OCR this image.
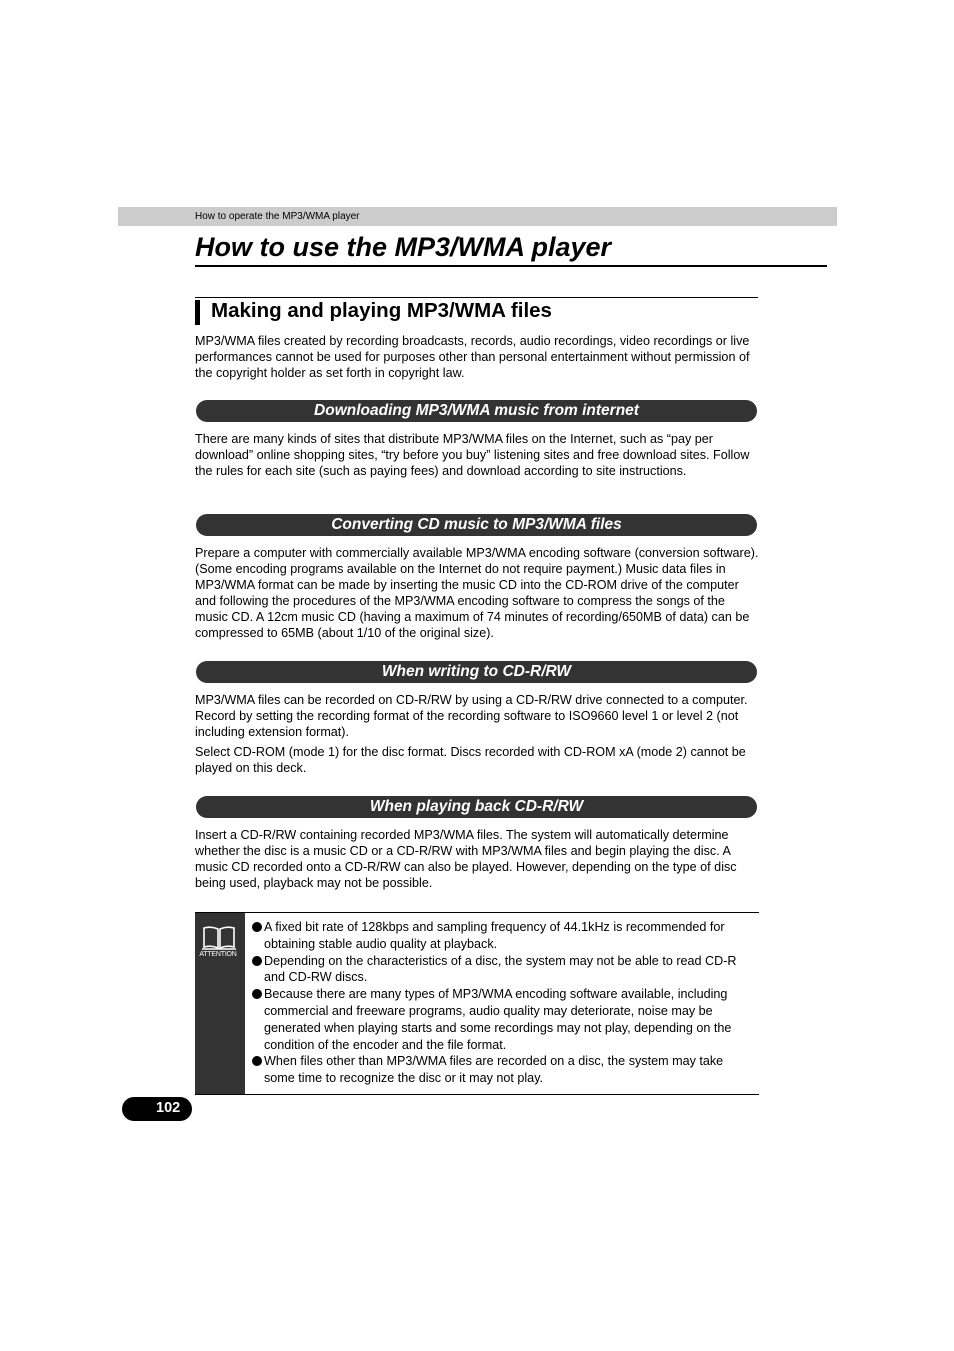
How to operate the MP3/WMA player
How to use the MP3/WMA player
Making and playing MP3/WMA files

MP3/WMA files created by recording broadcasts, records, audio recordings, video recordings or live performances cannot be used for purposes other than personal entertainment without permission of the copyright holder as set forth in copyright law.

Downloading MP3/WMA music from internet

There are many kinds of sites that distribute MP3/WMA files on the Internet, such as “pay per download” online shopping sites, “try before you buy” listening sites and free download sites. Follow the rules for each site (such as paying fees) and download according to site instructions.

Converting CD music to MP3/WMA files

Prepare a computer with commercially available MP3/WMA encoding software (conversion software). (Some encoding programs available on the Internet do not require payment.) Music data files in MP3/WMA format can be made by inserting the music CD into the CD-ROM drive of the computer and following the procedures of the MP3/WMA encoding software to compress the songs of the music CD. A 12cm music CD (having a maximum of 74 minutes of recording/650MB of data) can be compressed to 65MB (about 1/10 of the original size).

When writing to CD-R/RW

MP3/WMA files can be recorded on CD-R/RW by using a CD-R/RW drive connected to a computer. Record by setting the recording format of the recording software to ISO9660 level 1 or level 2 (not including extension format).

Select CD-ROM (mode 1) for the disc format. Discs recorded with CD-ROM xA (mode 2) cannot be played on this deck.

When playing back CD-R/RW

Insert a CD-R/RW containing recorded MP3/WMA files. The system will automatically determine whether the disc is a music CD or a CD-R/RW with MP3/WMA files and begin playing the disc. A music CD recorded onto a CD-R/RW can also be played. However, depending on the type of disc being used, playback may not be possible.

ATTENTION
A fixed bit rate of 128kbps and sampling frequency of 44.1kHz is recommended for obtaining stable audio quality at playback.
Depending on the characteristics of a disc, the system may not be able to read CD-R and CD-RW discs.
Because there are many types of MP3/WMA encoding software available, including commercial and freeware programs, audio quality may deteriorate, noise may be generated when playing starts and some recordings may not play, depending on the condition of the encoder and the file format.
When files other than MP3/WMA files are recorded on a disc, the system may take some time to recognize the disc or it may not play.
102
